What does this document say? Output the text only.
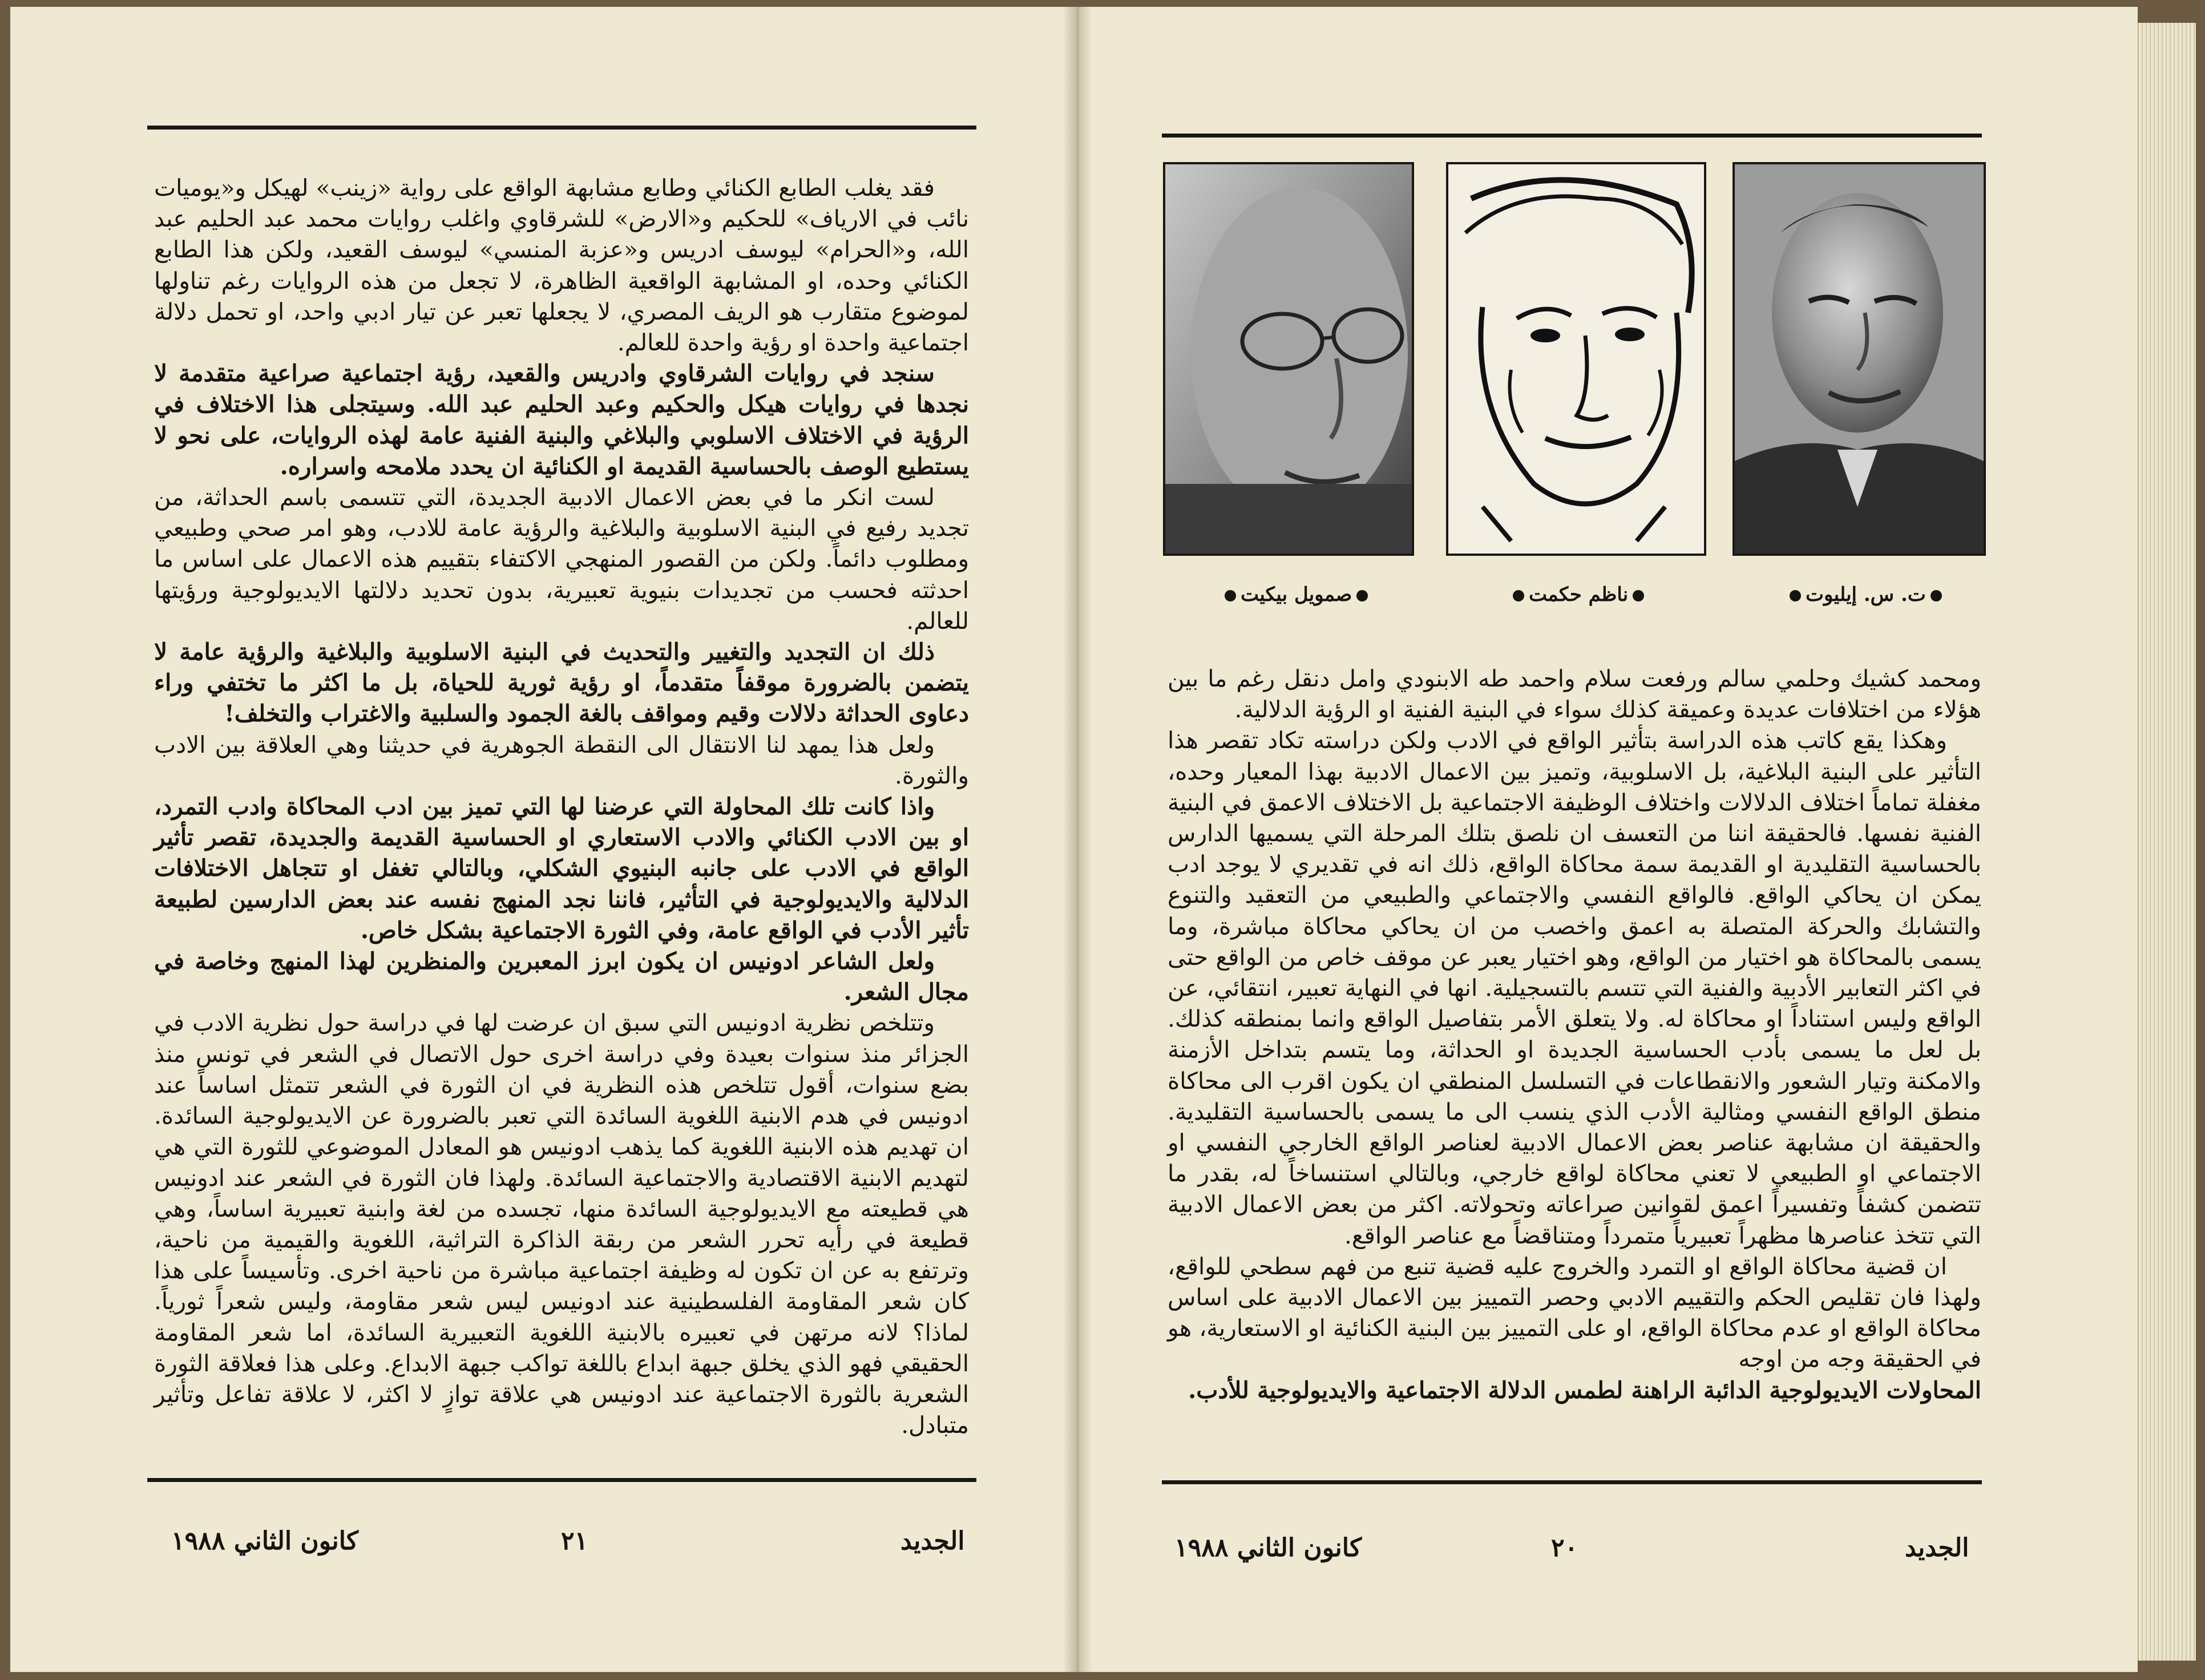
فقد يغلب الطابع الكنائي وطابع مشابهة الواقع على رواية «زينب» لهيكل و«يوميات نائب في الارياف» للحكيم و«الارض» للشرقاوي واغلب روايات محمد عبد الحليم عبد الله، و«الحرام» ليوسف ادريس و«عزبة المنسي» ليوسف القعيد، ولكن هذا الطابع الكنائي وحده، او المشابهة الواقعية الظاهرة، لا تجعل من هذه الروايات رغم تناولها لموضوع متقارب هو الريف المصري، لا يجعلها تعبر عن تيار ادبي واحد، او تحمل دلالة اجتماعية واحدة او رؤية واحدة للعالم.

سنجد في روايات الشرقاوي وادريس والقعيد، رؤية اجتماعية صراعية متقدمة لا نجدها في روايات هيكل والحكيم وعبد الحليم عبد الله. وسيتجلى هذا الاختلاف في الرؤية في الاختلاف الاسلوبي والبلاغي والبنية الفنية عامة لهذه الروايات، على نحو لا يستطيع الوصف بالحساسية القديمة او الكنائية ان يحدد ملامحه واسراره.

لست انكر ما في بعض الاعمال الادبية الجديدة، التي تتسمى باسم الحداثة، من تجديد رفيع في البنية الاسلوبية والبلاغية والرؤية عامة للادب، وهو امر صحي وطبيعي ومطلوب دائماً. ولكن من القصور المنهجي الاكتفاء بتقييم هذه الاعمال على اساس ما احدثته فحسب من تجديدات بنيوية تعبيرية، بدون تحديد دلالتها الايديولوجية ورؤيتها للعالم.

ذلك ان التجديد والتغيير والتحديث في البنية الاسلوبية والبلاغية والرؤية عامة لا يتضمن بالضرورة موقفاً متقدماً، او رؤية ثورية للحياة، بل ما اكثر ما تختفي وراء دعاوى الحداثة دلالات وقيم ومواقف بالغة الجمود والسلبية والاغتراب والتخلف!

ولعل هذا يمهد لنا الانتقال الى النقطة الجوهرية في حديثنا وهي العلاقة بين الادب والثورة.

واذا كانت تلك المحاولة التي عرضنا لها التي تميز بين ادب المحاكاة وادب التمرد، او بين الادب الكنائي والادب الاستعاري او الحساسية القديمة والجديدة، تقصر تأثير الواقع في الادب على جانبه البنيوي الشكلي، وبالتالي تغفل او تتجاهل الاختلافات الدلالية والايديولوجية في التأثير، فاننا نجد المنهج نفسه عند بعض الدارسين لطبيعة تأثير الأدب في الواقع عامة، وفي الثورة الاجتماعية بشكل خاص.

ولعل الشاعر ادونيس ان يكون ابرز المعبرين والمنظرين لهذا المنهج وخاصة في مجال الشعر.

وتتلخص نظرية ادونيس التي سبق ان عرضت لها في دراسة حول نظرية الادب في الجزائر منذ سنوات بعيدة وفي دراسة اخرى حول الاتصال في الشعر في تونس منذ بضع سنوات، أقول تتلخص هذه النظرية في ان الثورة في الشعر تتمثل اساساً عند ادونيس في هدم الابنية اللغوية السائدة التي تعبر بالضرورة عن الايديولوجية السائدة. ان تهديم هذه الابنية اللغوية كما يذهب ادونيس هو المعادل الموضوعي للثورة التي هي لتهديم الابنية الاقتصادية والاجتماعية السائدة. ولهذا فان الثورة في الشعر عند ادونيس هي قطيعته مع الايديولوجية السائدة منها، تجسده من لغة وابنية تعبيرية اساساً، وهي قطيعة في رأيه تحرر الشعر من ربقة الذاكرة التراثية، اللغوية والقيمية من ناحية، وترتفع به عن ان تكون له وظيفة اجتماعية مباشرة من ناحية اخرى. وتأسيساً على هذا كان شعر المقاومة الفلسطينية عند ادونيس ليس شعر مقاومة، وليس شعراً ثورياً. لماذا؟ لانه مرتهن في تعبيره بالابنية اللغوية التعبيرية السائدة، اما شعر المقاومة الحقيقي فهو الذي يخلق جبهة ابداع باللغة تواكب جبهة الابداع. وعلى هذا فعلاقة الثورة الشعرية بالثورة الاجتماعية عند ادونيس هي علاقة توازٍ لا اكثر، لا علاقة تفاعل وتأثير متبادل.

الجديد
٢١
كانون الثاني ١٩٨٨
صمويل بيكيت	ناظم حكمت	ت. س. إيليوت

ومحمد كشيك وحلمي سالم ورفعت سلام واحمد طه الابنودي وامل دنقل رغم ما بين هؤلاء من اختلافات عديدة وعميقة كذلك سواء في البنية الفنية او الرؤية الدلالية.

وهكذا يقع كاتب هذه الدراسة بتأثير الواقع في الادب ولكن دراسته تكاد تقصر هذا التأثير على البنية البلاغية، بل الاسلوبية، وتميز بين الاعمال الادبية بهذا المعيار وحده، مغفلة تماماً اختلاف الدلالات واختلاف الوظيفة الاجتماعية بل الاختلاف الاعمق في البنية الفنية نفسها. فالحقيقة اننا من التعسف ان نلصق بتلك المرحلة التي يسميها الدارس بالحساسية التقليدية او القديمة سمة محاكاة الواقع، ذلك انه في تقديري لا يوجد ادب يمكن ان يحاكي الواقع. فالواقع النفسي والاجتماعي والطبيعي من التعقيد والتنوع والتشابك والحركة المتصلة به اعمق واخصب من ان يحاكي محاكاة مباشرة، وما يسمى بالمحاكاة هو اختيار من الواقع، وهو اختيار يعبر عن موقف خاص من الواقع حتى في اكثر التعابير الأدبية والفنية التي تتسم بالتسجيلية. انها في النهاية تعبير، انتقائي، عن الواقع وليس استناداً او محاكاة له. ولا يتعلق الأمر بتفاصيل الواقع وانما بمنطقه كذلك. بل لعل ما يسمى بأدب الحساسية الجديدة او الحداثة، وما يتسم بتداخل الأزمنة والامكنة وتيار الشعور والانقطاعات في التسلسل المنطقي ان يكون اقرب الى محاكاة منطق الواقع النفسي ومثالية الأدب الذي ينسب الى ما يسمى بالحساسية التقليدية. والحقيقة ان مشابهة عناصر بعض الاعمال الادبية لعناصر الواقع الخارجي النفسي او الاجتماعي او الطبيعي لا تعني محاكاة لواقع خارجي، وبالتالي استنساخاً له، بقدر ما تتضمن كشفاً وتفسيراً اعمق لقوانين صراعاته وتحولاته. اكثر من بعض الاعمال الادبية التي تتخذ عناصرها مظهراً تعبيرياً متمرداً ومتناقضاً مع عناصر الواقع.

ان قضية محاكاة الواقع او التمرد والخروج عليه قضية تنبع من فهم سطحي للواقع، ولهذا فان تقليص الحكم والتقييم الادبي وحصر التمييز بين الاعمال الادبية على اساس محاكاة الواقع او عدم محاكاة الواقع، او على التمييز بين البنية الكنائية او الاستعارية، هو في الحقيقة وجه من اوجه

المحاولات الايديولوجية الدائبة الراهنة لطمس الدلالة الاجتماعية والايديولوجية للأدب.

الجديد
٢٠
كانون الثاني ١٩٨٨
